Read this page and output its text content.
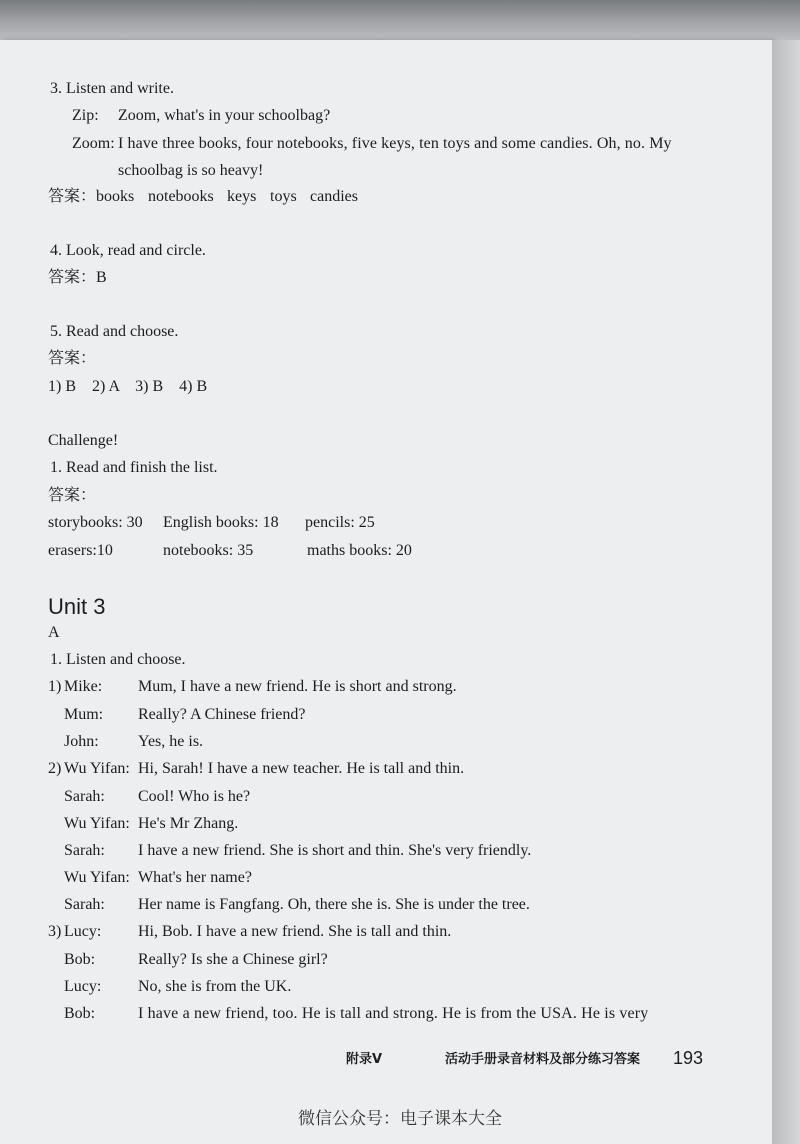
3. Listen and write.
Zip: Zoom, what's in your schoolbag?
Zoom: I have three books, four notebooks, five keys, ten toys and some candies. Oh, no. My
schoolbag is so heavy!
答案： books notebooks keys toys candies
4. Look, read and circle.
答案：B
5. Read and choose.
答案：
1) B    2) A    3) B    4) B
Challenge!
1. Read and finish the list.
答案：
storybooks: 30 English books: 18 pencils: 25
erasers:10	notebooks: 35	maths books: 20
Unit 3
A
1. Listen and choose.
1) Mike: Mum, I have a new friend. He is short and strong.
Mum: Really? A Chinese friend?
John: Yes, he is.
2) Wu Yifan: Hi, Sarah! I have a new teacher. He is tall and thin.
Sarah: Cool! Who is he?
Wu Yifan: He's Mr Zhang.
Sarah: I have a new friend. She is short and thin. She's very friendly.
Wu Yifan: What's her name?
Sarah: Her name is Fangfang. Oh, there she is. She is under the tree.
3) Lucy: Hi, Bob. I have a new friend. She is tall and thin.
Bob:	Really? Is she a Chinese girl?
Lucy: No, she is from the UK.
Bob:	I have a new friend, too. He is tall and strong. He is from the USA. He is very
附录V	活动手册录音材料及部分练习答案 193
微信公众号：电子课本大全
